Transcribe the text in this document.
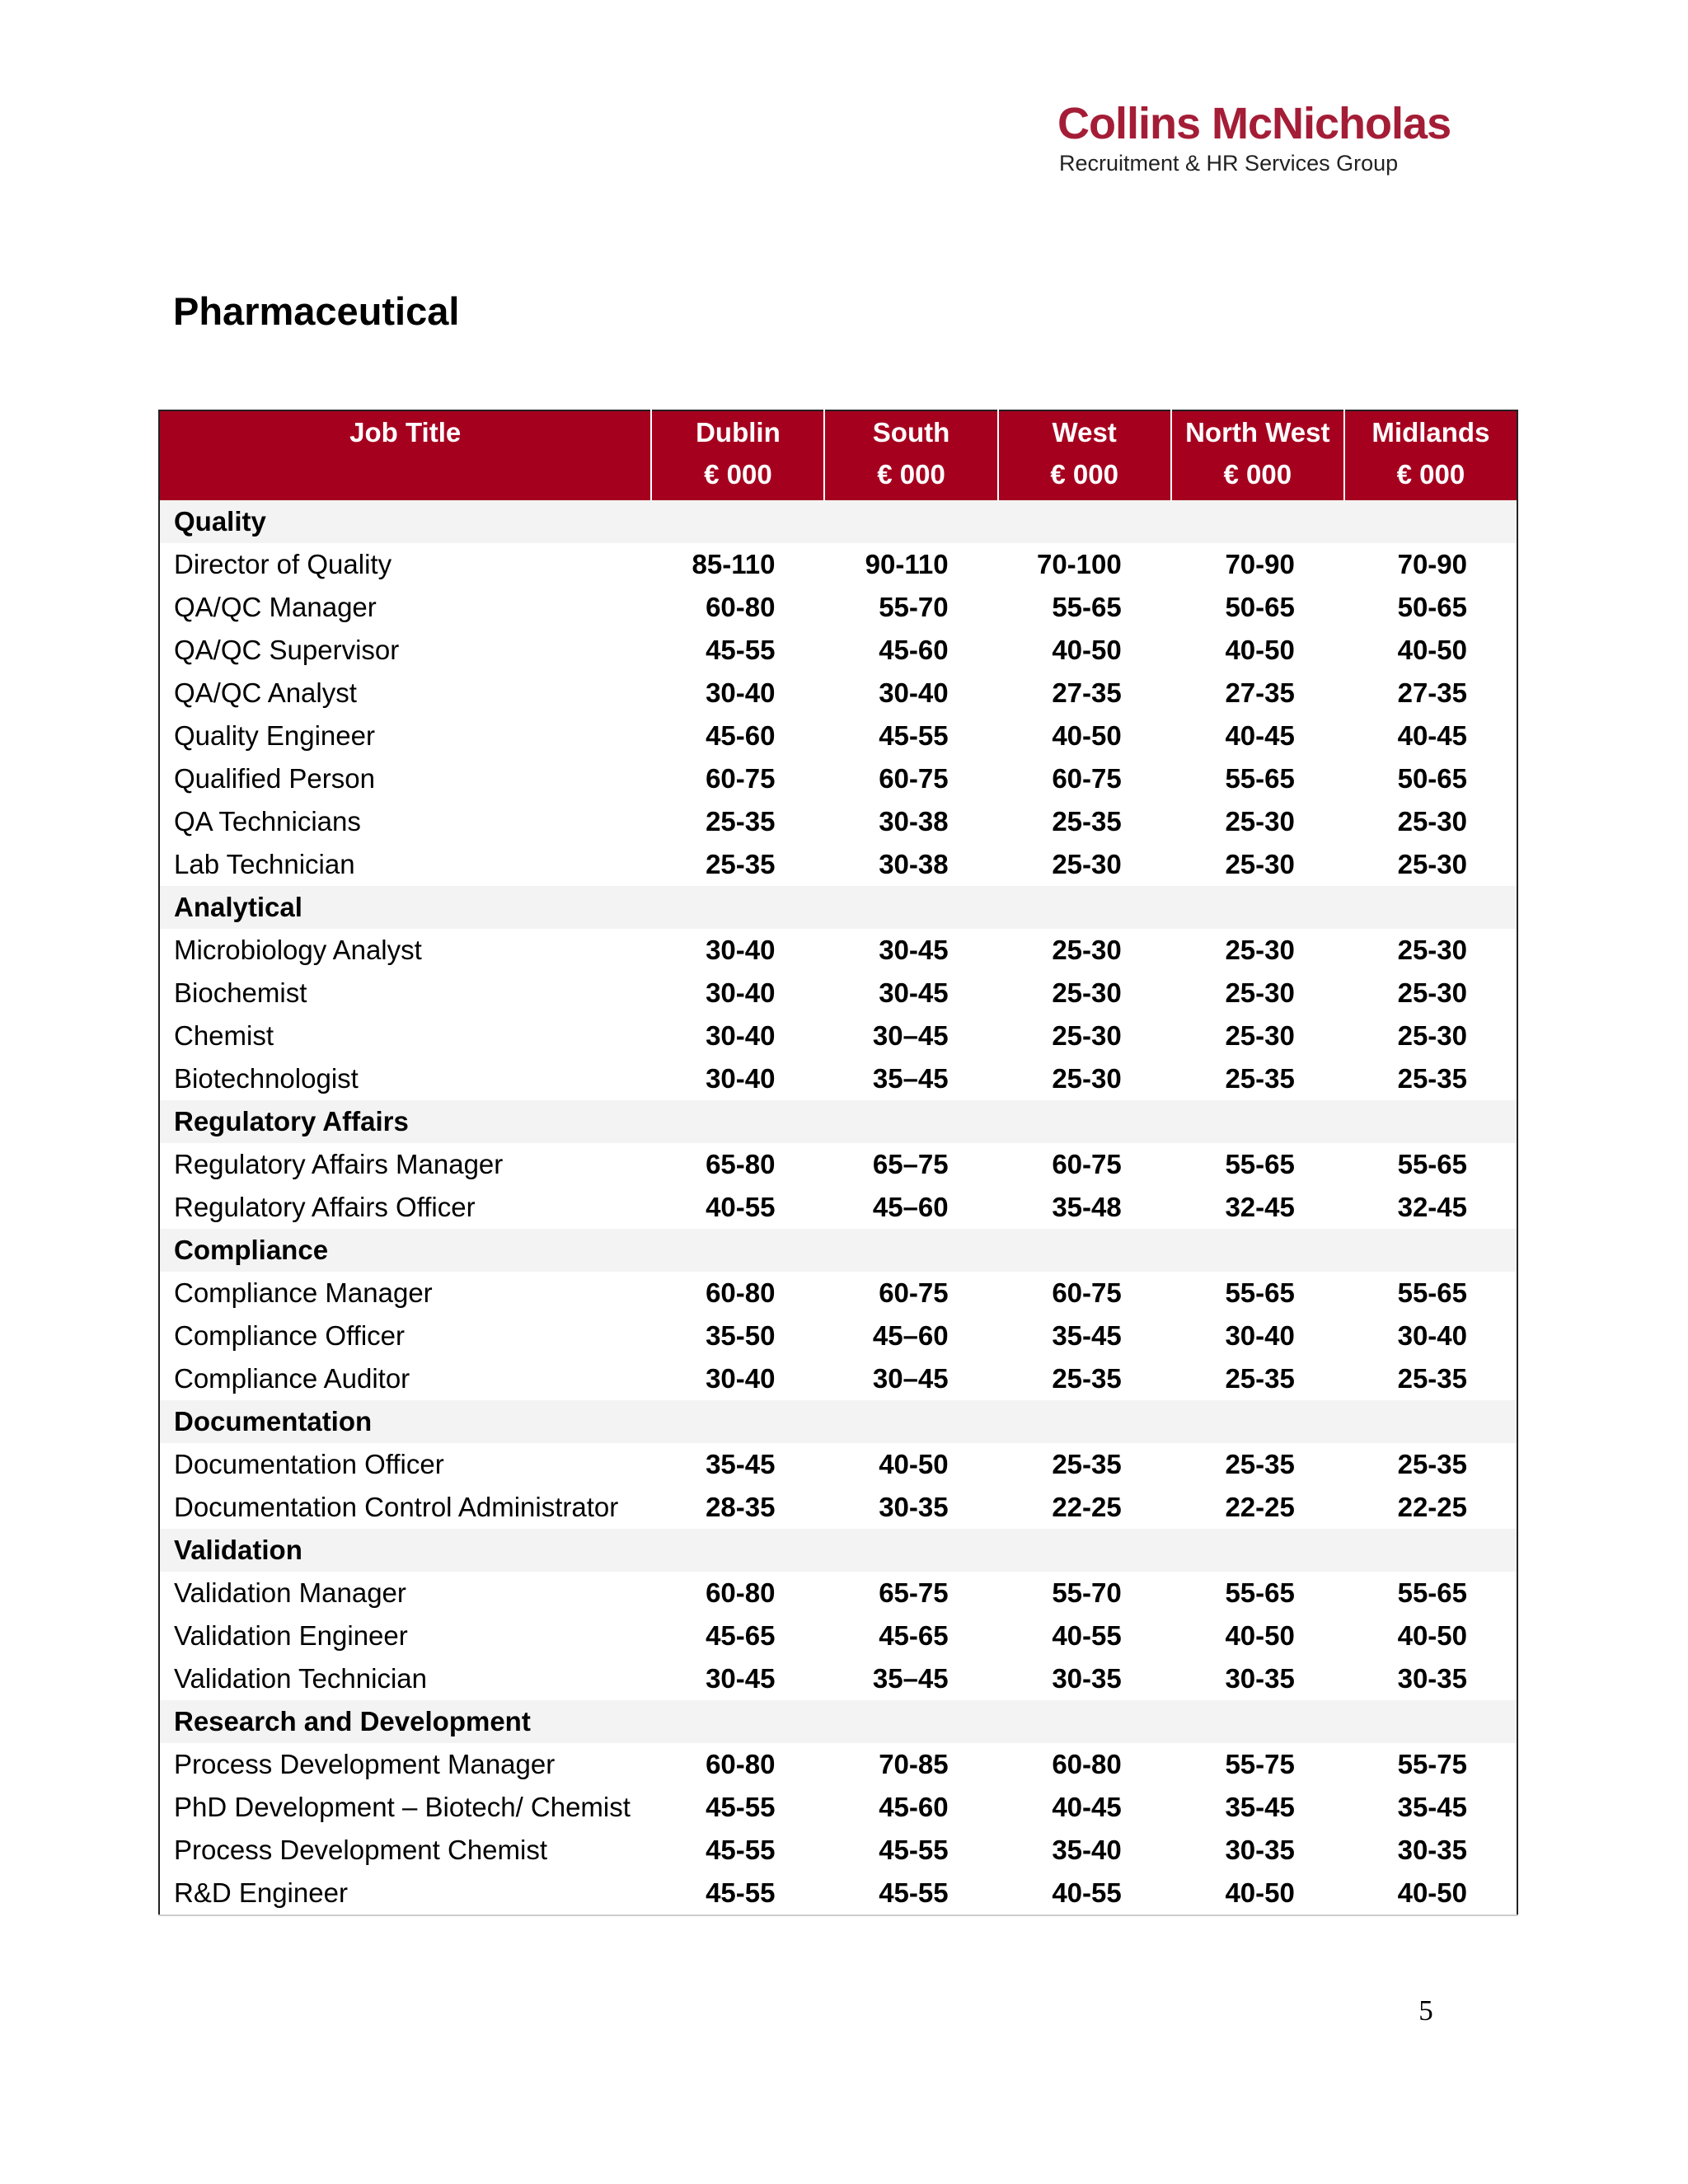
Collins McNicholas
Recruitment & HR Services Group
Pharmaceutical
Job Title	Dublin	South	West	North West	Midlands
	€ 000	€ 000	€ 000	€ 000	€ 000
Quality					
Director of Quality	85-110	90-110	70-100	70-90	70-90
QA/QC Manager	60-80	55-70	55-65	50-65	50-65
QA/QC Supervisor	45-55	45-60	40-50	40-50	40-50
QA/QC Analyst	30-40	30-40	27-35	27-35	27-35
Quality Engineer	45-60	45-55	40-50	40-45	40-45
Qualified Person	60-75	60-75	60-75	55-65	50-65
QA Technicians	25-35	30-38	25-35	25-30	25-30
Lab Technician	25-35	30-38	25-30	25-30	25-30
Analytical					
Microbiology Analyst	30-40	30-45	25-30	25-30	25-30
Biochemist	30-40	30-45	25-30	25-30	25-30
Chemist	30-40	30–45	25-30	25-30	25-30
Biotechnologist	30-40	35–45	25-30	25-35	25-35
Regulatory Affairs					
Regulatory Affairs Manager	65-80	65–75	60-75	55-65	55-65
Regulatory Affairs Officer	40-55	45–60	35-48	32-45	32-45
Compliance					
Compliance Manager	60-80	60-75	60-75	55-65	55-65
Compliance Officer	35-50	45–60	35-45	30-40	30-40
Compliance Auditor	30-40	30–45	25-35	25-35	25-35
Documentation					
Documentation Officer	35-45	40-50	25-35	25-35	25-35
Documentation Control Administrator	28-35	30-35	22-25	22-25	22-25
Validation					
Validation Manager	60-80	65-75	55-70	55-65	55-65
Validation Engineer	45-65	45-65	40-55	40-50	40-50
Validation Technician	30-45	35–45	30-35	30-35	30-35
Research and Development					
Process Development Manager	60-80	70-85	60-80	55-75	55-75
PhD Development – Biotech/ Chemist	45-55	45-60	40-45	35-45	35-45
Process Development Chemist	45-55	45-55	35-40	30-35	30-35
R&D Engineer	45-55	45-55	40-55	40-50	40-50
5
